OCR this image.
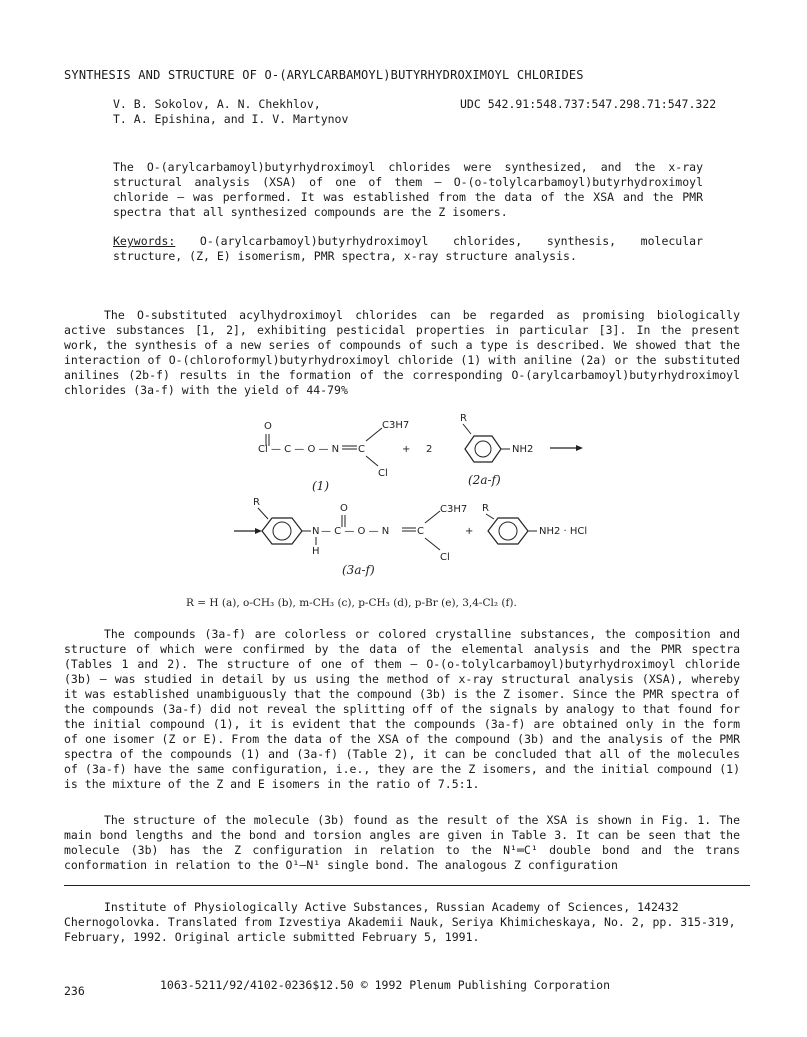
SYNTHESIS AND STRUCTURE OF O-(ARYLCARBAMOYL)BUTYRHYDROXIMOYL CHLORIDES
V. B. Sokolov, A. N. Chekhlov,
T. A. Epishina, and I. V. Martynov
UDC 542.91:548.737:547.298.71:547.322
The O-(arylcarbamoyl)butyrhydroximoyl chlorides were synthesized, and the x-ray structural analysis (XSA) of one of them — O-(o-tolylcarbamoyl)butyrhydroximoyl chloride — was performed. It was established from the data of the XSA and the PMR spectra that all synthesized compounds are the Z isomers.
Keywords: O-(arylcarbamoyl)butyrhydroximoyl chlorides, synthesis, molecular structure, (Z, E) isomerism, PMR spectra, x-ray structure analysis.
The O-substituted acylhydroximoyl chlorides can be regarded as promising biologically active substances [1, 2], exhibiting pesticidal properties in particular [3]. In the present work, the synthesis of a new series of compounds of such a type is described. We showed that the interaction of O-(chloroformyl)butyrhydroximoyl chloride (1) with aniline (2a) or the substituted anilines (2b-f) results in the formation of the corresponding O-(arylcarbamoyl)butyrhydroximoyl chlorides (3a-f) with the yield of 44-79%
O
Cl — C — O — N C
C3H7
Cl
+ 2
R
NH2
(1)	(2a-f)
R
N
H
O
— C — O — N	C
C3H7
Cl
+
R
NH2 · HCl
(3a-f)
R = H (a), o-CH₃ (b), m-CH₃ (c), p-CH₃ (d), p-Br (e), 3,4-Cl₂ (f).
The compounds (3a-f) are colorless or colored crystalline substances, the composition and structure of which were confirmed by the data of the elemental analysis and the PMR spectra (Tables 1 and 2). The structure of one of them — O-(o-tolylcarbamoyl)butyrhydroximoyl chloride (3b) — was studied in detail by us using the method of x-ray structural analysis (XSA), whereby it was established unambiguously that the compound (3b) is the Z isomer. Since the PMR spectra of the compounds (3a-f) did not reveal the splitting off of the signals by analogy to that found for the initial compound (1), it is evident that the compounds (3a-f) are obtained only in the form of one isomer (Z or E). From the data of the XSA of the compound (3b) and the analysis of the PMR spectra of the compounds (1) and (3a-f) (Table 2), it can be concluded that all of the molecules of (3a-f) have the same configuration, i.e., they are the Z isomers, and the initial compound (1) is the mixture of the Z and E isomers in the ratio of 7.5:1.
The structure of the molecule (3b) found as the result of the XSA is shown in Fig. 1. The main bond lengths and the bond and torsion angles are given in Table 3. It can be seen that the molecule (3b) has the Z configuration in relation to the N¹═C¹ double bond and the trans conformation in relation to the O¹—N¹ single bond. The analogous Z configuration
Institute of Physiologically Active Substances, Russian Academy of Sciences, 142432 Chernogolovka. Translated from Izvestiya Akademii Nauk, Seriya Khimicheskaya, No. 2, pp. 315-319, February, 1992. Original article submitted February 5, 1991.
236	1063-5211/92/4102-0236$12.50 © 1992 Plenum Publishing Corporation
